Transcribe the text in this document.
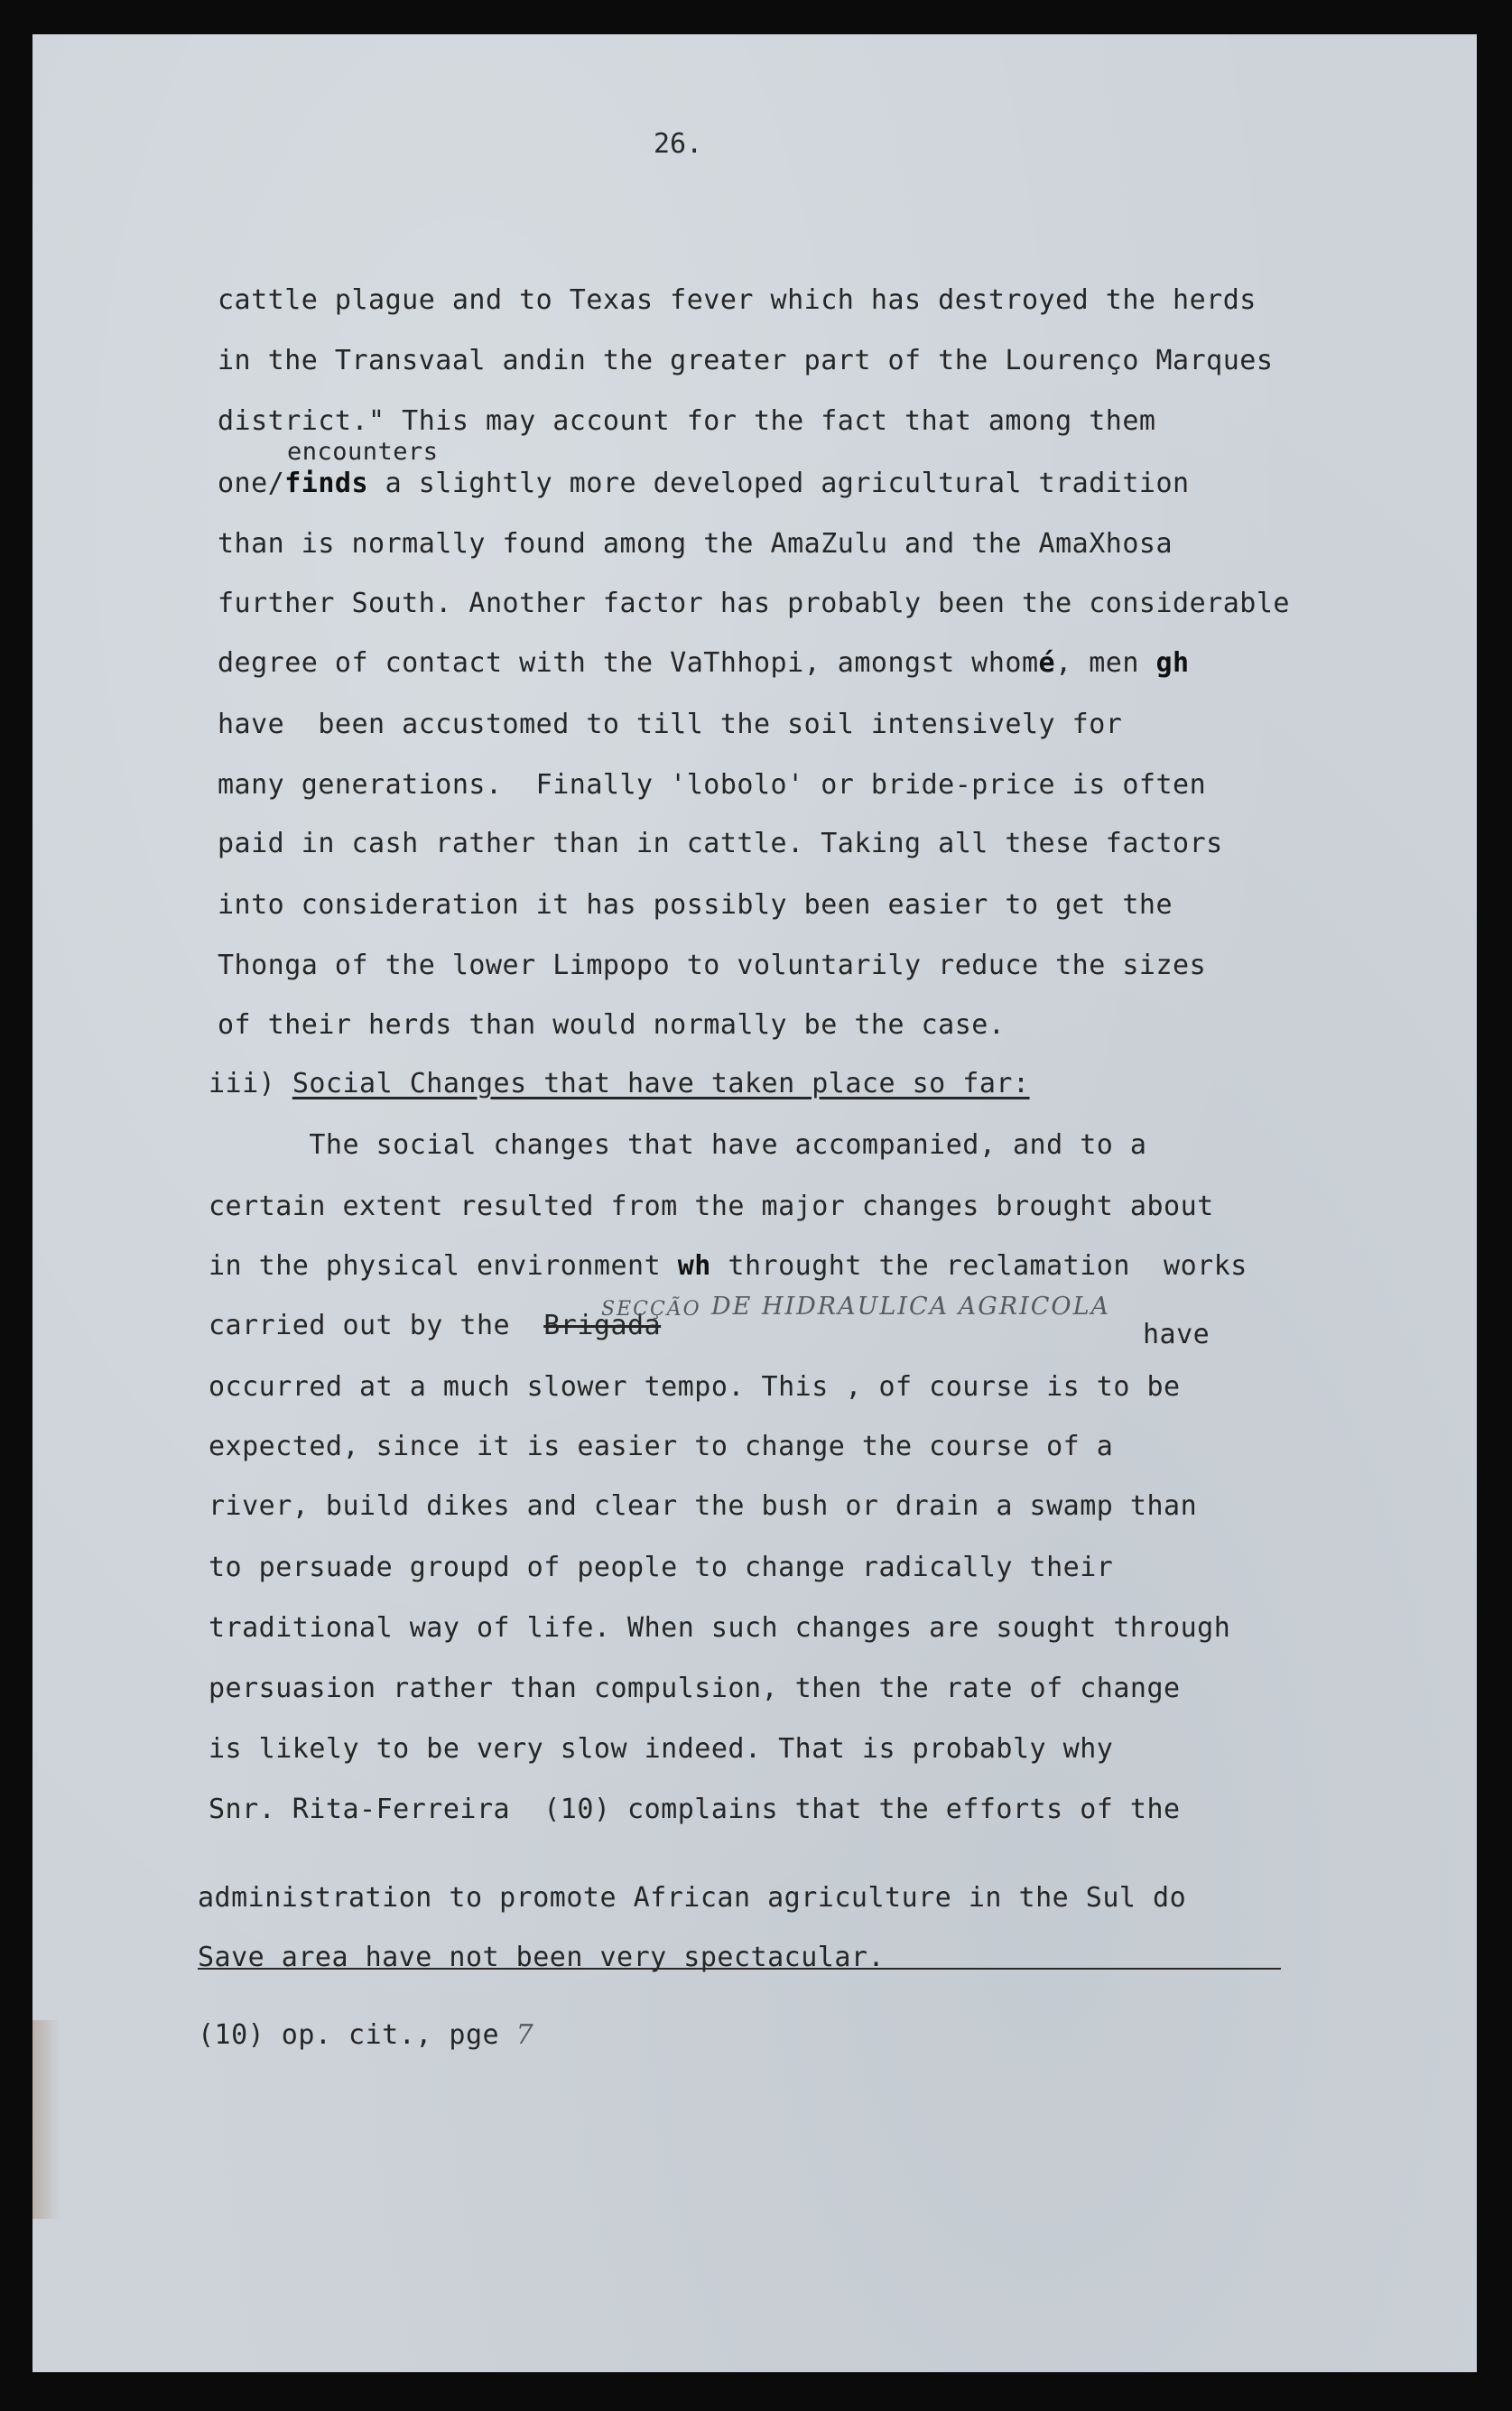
26.
cattle plague and to Texas fever which has destroyed the herds
in the Transvaal andin the greater part of the Lourenço Marques
district." This may account for the fact that among them
encounters
one/finds a slightly more developed agricultural tradition
than is normally found among the AmaZulu and the AmaXhosa
further South. Another factor has probably been the considerable
degree of contact with the VaThhopi, amongst whomé, men gh
have  been accustomed to till the soil intensively for
many generations.  Finally 'lobolo' or bride-price is often
paid in cash rather than in cattle. Taking all these factors
into consideration it has possibly been easier to get the
Thonga of the lower Limpopo to voluntarily reduce the sizes
of their herds than would normally be the case.
iii) Social Changes that have taken place so far:
The social changes that have accompanied, and to a
certain extent resulted from the major changes brought about
in the physical environment wh throught the reclamation  works
carried out by the  Brigada	have
SECÇÃO DE HIDRAULICA AGRICOLA
occurred at a much slower tempo. This , of course is to be
expected, since it is easier to change the course of a
river, build dikes and clear the bush or drain a swamp than
to persuade groupd of people to change radically their
traditional way of life. When such changes are sought through
persuasion rather than compulsion, then the rate of change
is likely to be very slow indeed. That is probably why
Snr. Rita-Ferreira  (10) complains that the efforts of the
administration to promote African agriculture in the Sul do
Save area have not been very spectacular.
(10) op. cit., pge 7
